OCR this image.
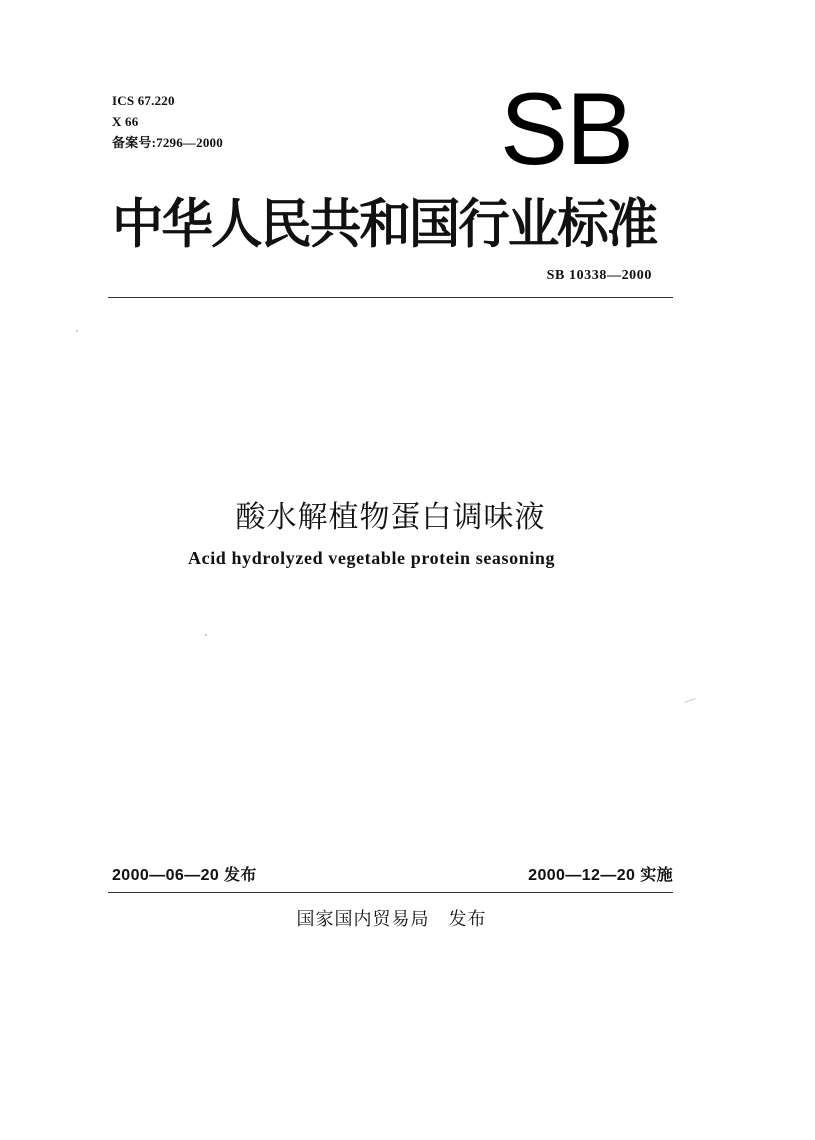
ICS 67.220
X 66
备案号:7296—2000	SB
中华人民共和国行业标准
SB 10338—2000
酸水解植物蛋白调味液
Acid hydrolyzed vegetable protein seasoning
2000—06—20 发布	2000—12—20 实施
国家国内贸易局　发布
